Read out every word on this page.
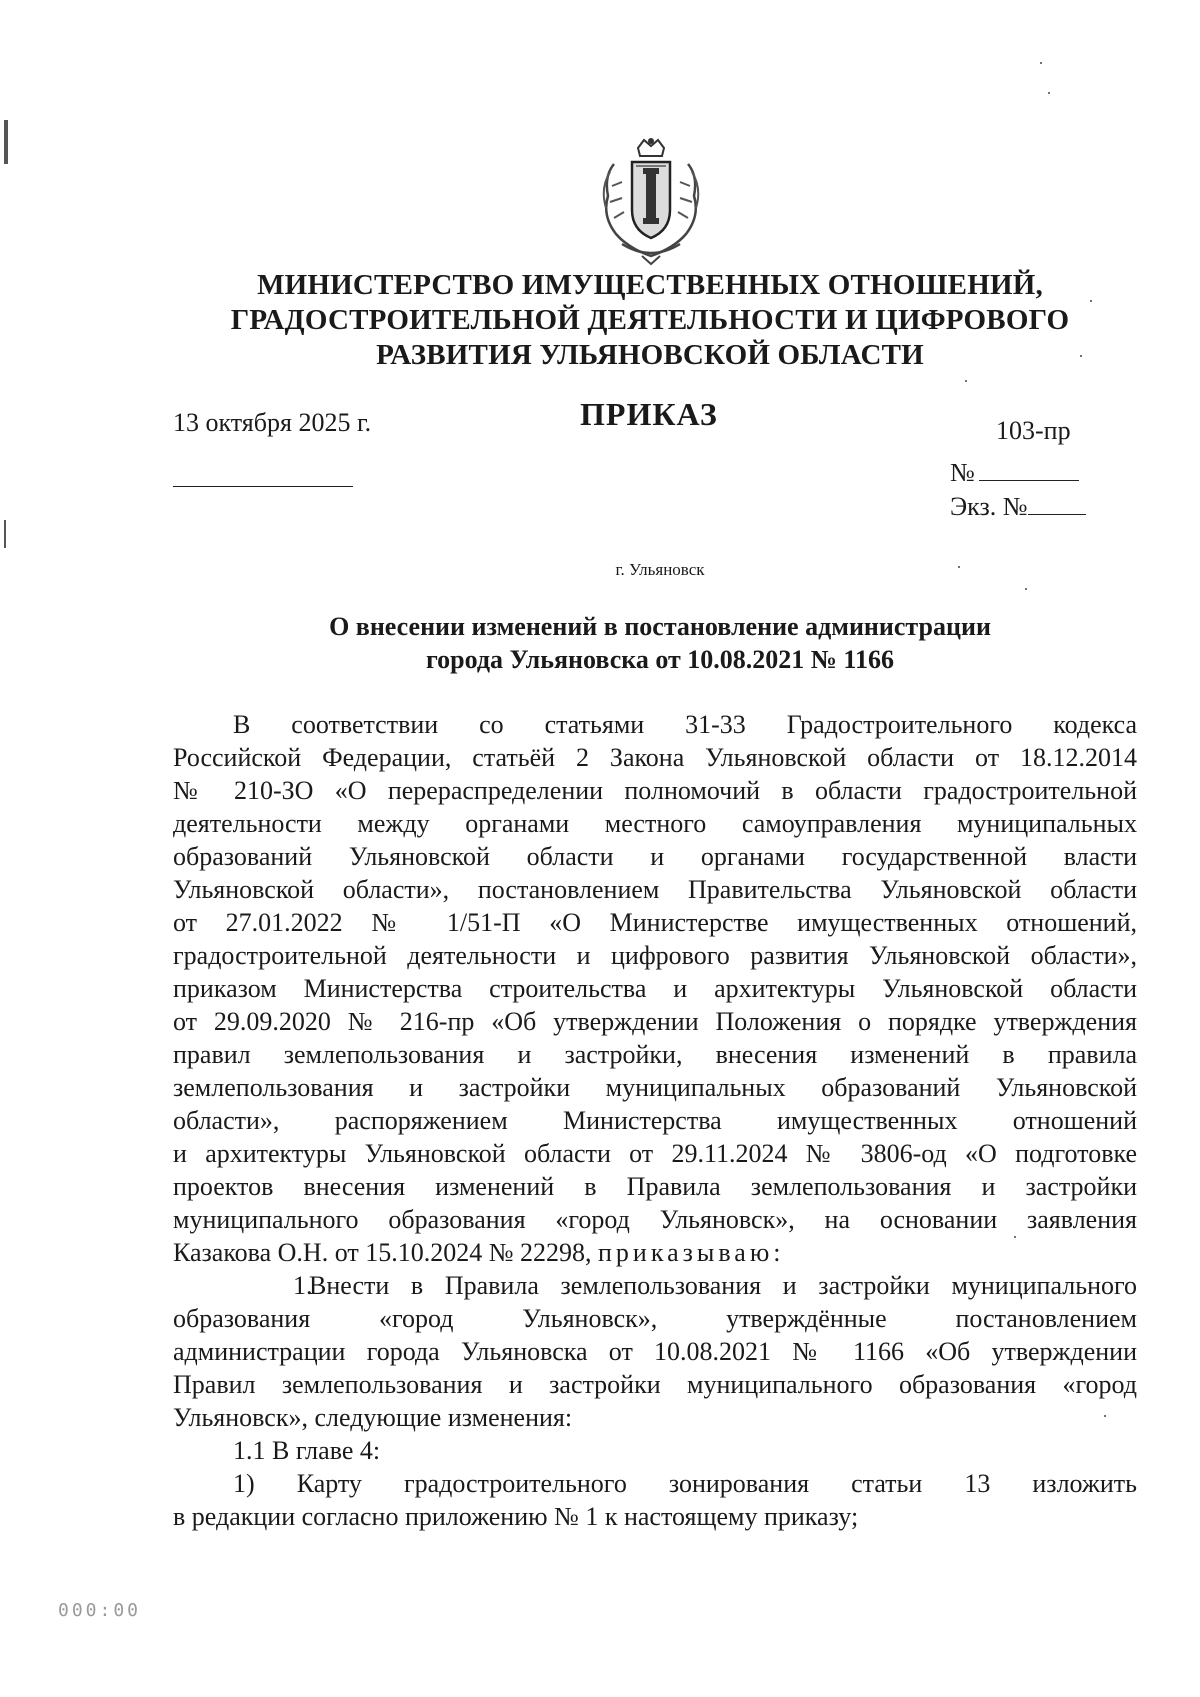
МИНИСТЕРСТВО ИМУЩЕСТВЕННЫХ ОТНОШЕНИЙ,
ГРАДОСТРОИТЕЛЬНОЙ ДЕЯТЕЛЬНОСТИ И ЦИФРОВОГО
РАЗВИТИЯ УЛЬЯНОВСКОЙ ОБЛАСТИ
13 октября 2025 г.	ПРИКАЗ	103-пр
№
Экз. №
г. Ульяновск
О внесении изменений в постановление администрации
города Ульяновска от 10.08.2021 № 1166

В соответствии со статьями 31-33 Градостроительного кодекса

Российской Федерации, статьёй 2 Закона Ульяновской области от 18.12.2014

№ 210-ЗО «О перераспределении полномочий в области градостроительной

деятельности между органами местного самоуправления муниципальных

образований Ульяновской области и органами государственной власти

Ульяновской области», постановлением Правительства Ульяновской области

от 27.01.2022 № 1/51-П «О Министерстве имущественных отношений,

градостроительной деятельности и цифрового развития Ульяновской области»,

приказом Министерства строительства и архитектуры Ульяновской области

от 29.09.2020 № 216-пр «Об утверждении Положения о порядке утверждения

правил землепользования и застройки, внесения изменений в правила

землепользования и застройки муниципальных образований Ульяновской

области», распоряжением Министерства имущественных отношений

и архитектуры Ульяновской области от 29.11.2024 № 3806-од «О подготовке

проектов внесения изменений в Правила землепользования и застройки

муниципального образования «город Ульяновск», на основании заявления

Казакова О.Н. от 15.10.2024 № 22298, приказываю:

1.Внести в Правила землепользования и застройки муниципального

образования «город Ульяновск», утверждённые постановлением

администрации города Ульяновска от 10.08.2021 № 1166 «Об утверждении

Правил землепользования и застройки муниципального образования «город

Ульяновск», следующие изменения:

1.1 В главе 4:

1) Карту градостроительного зонирования статьи 13 изложить

в редакции согласно приложению № 1 к настоящему приказу;

000:00
